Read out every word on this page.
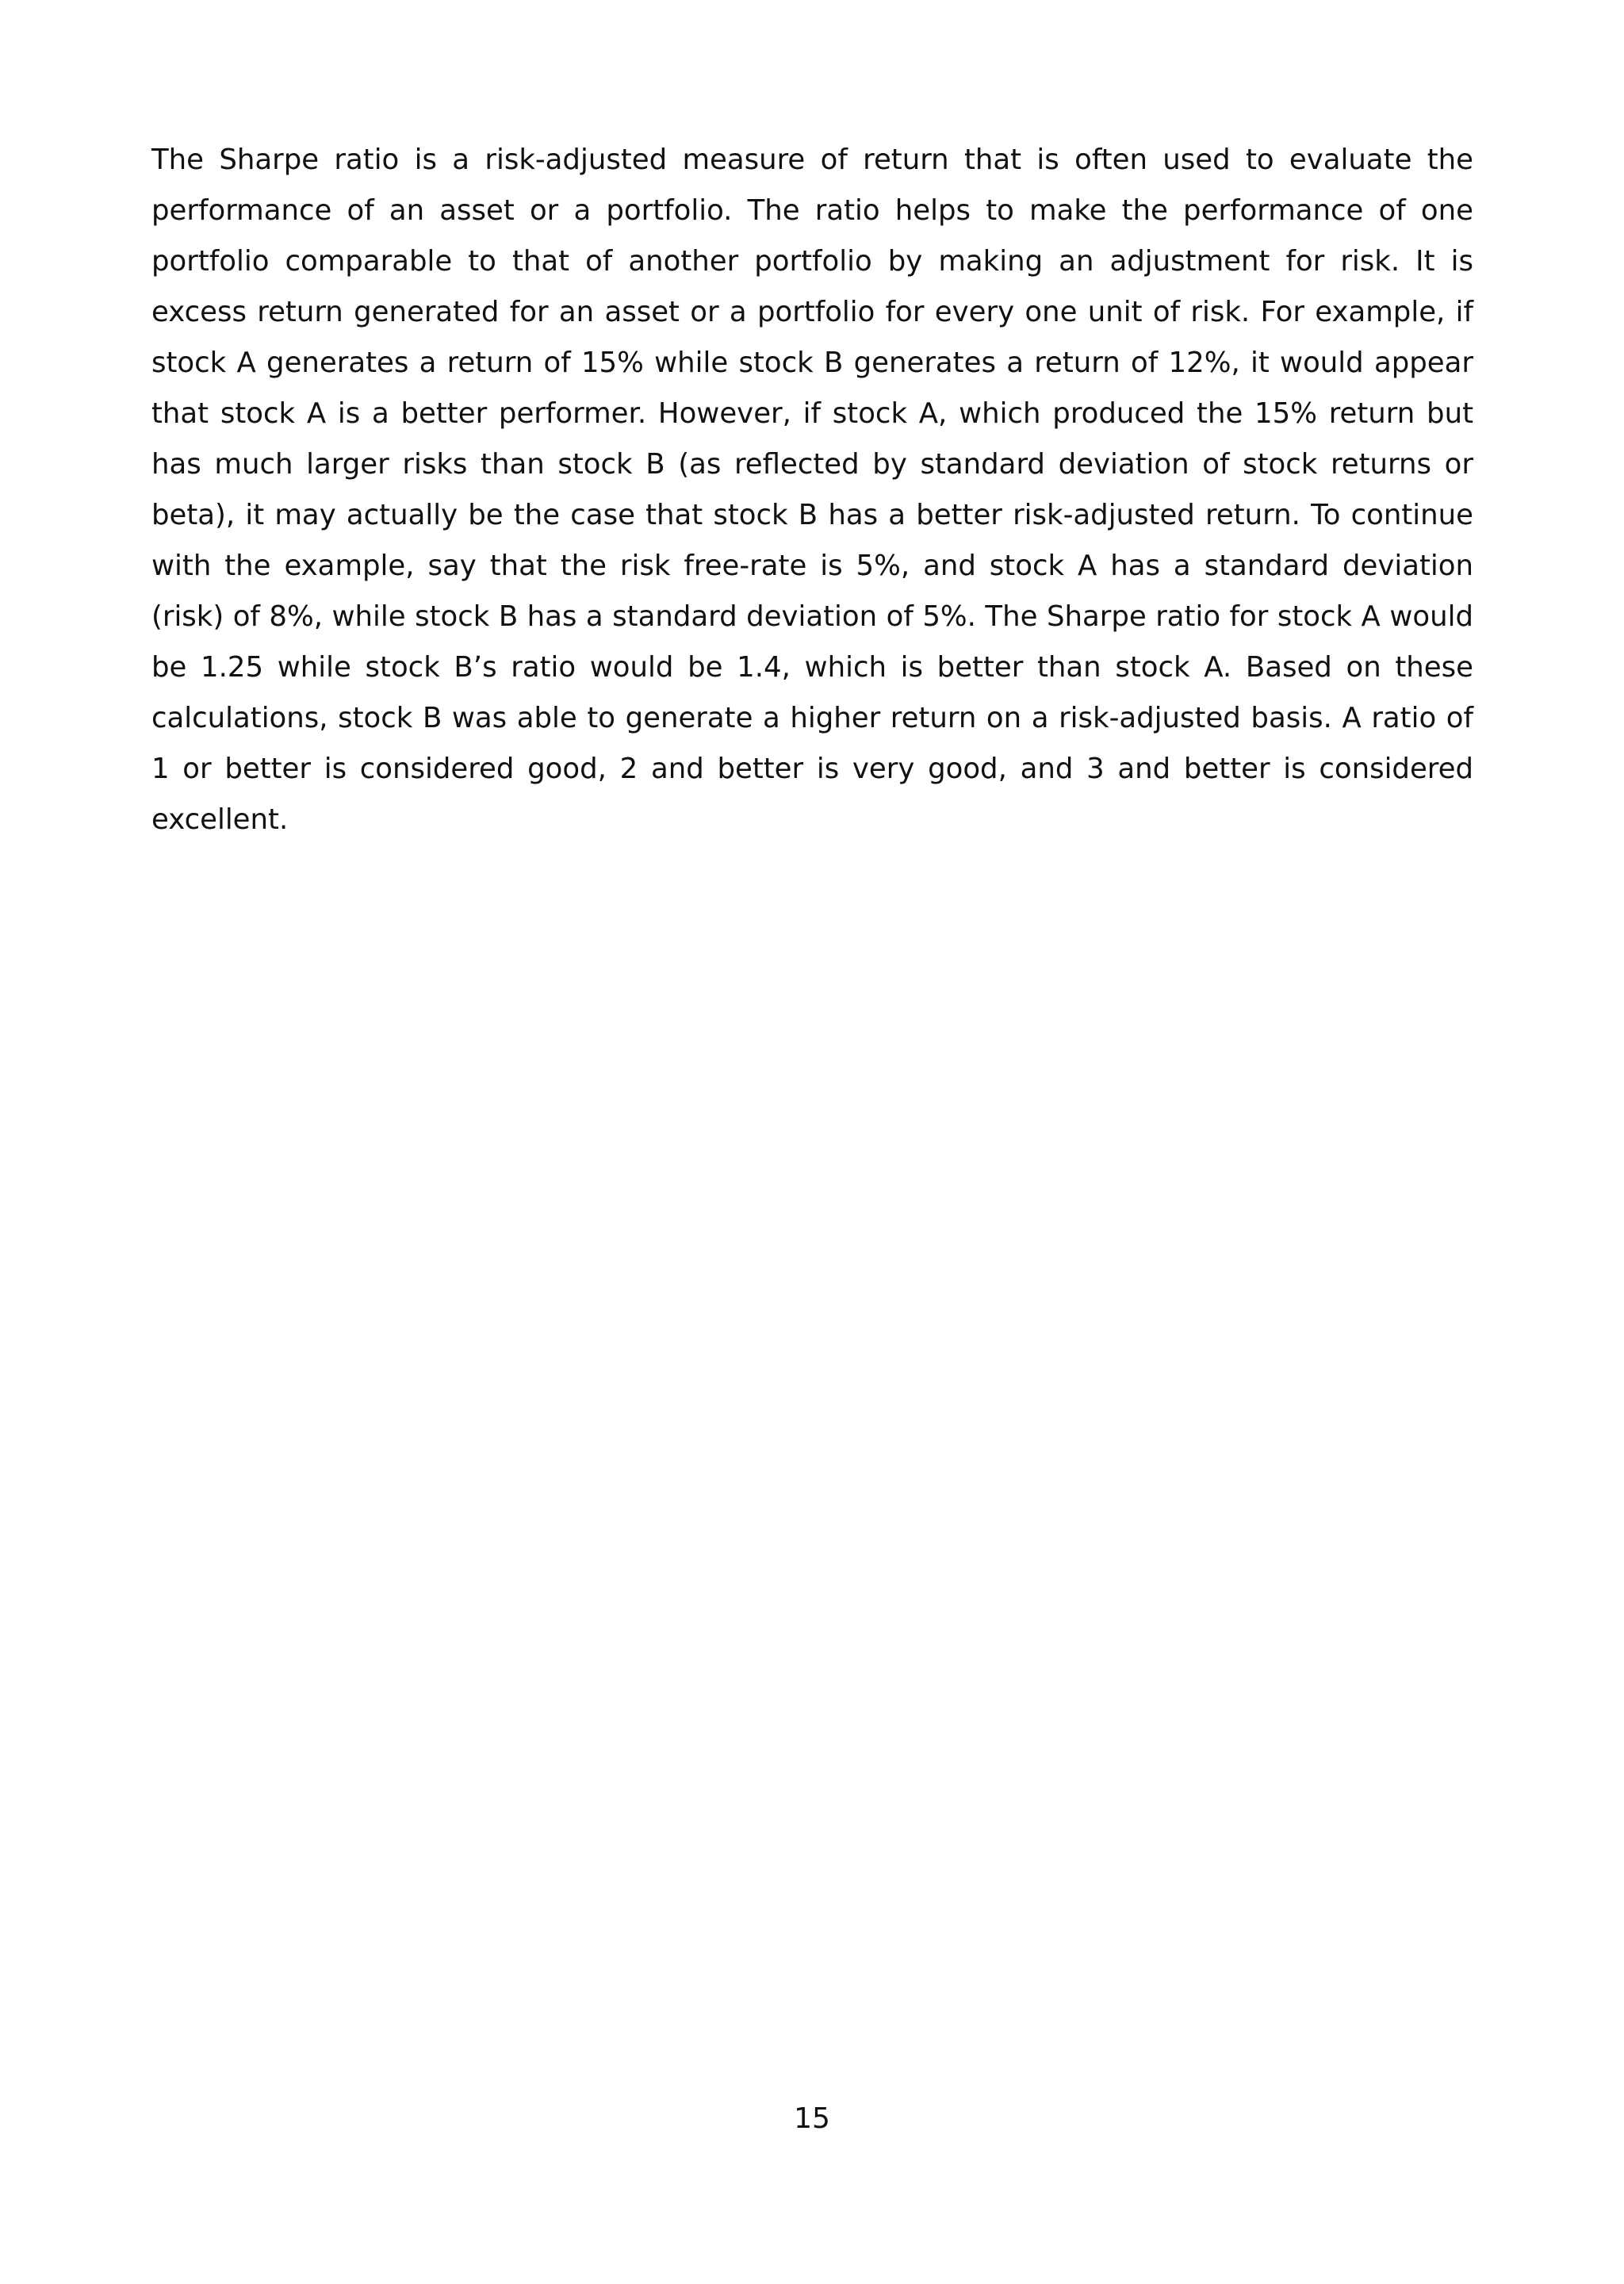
The Sharpe ratio is a risk-adjusted measure of return that is often used to evaluate the performance of an asset or a portfolio. The ratio helps to make the performance of one portfolio comparable to that of another portfolio by making an adjustment for risk. It is excess return generated for an asset or a portfolio for every one unit of risk. For example, if stock A generates a return of 15% while stock B generates a return of 12%, it would appear that stock A is a better performer. However, if stock A, which produced the 15% return but has much larger risks than stock B (as reflected by standard deviation of stock returns or beta), it may actually be the case that stock B has a better risk-adjusted return. To continue with the example, say that the risk free-rate is 5%, and stock A has a standard deviation (risk) of 8%, while stock B has a standard deviation of 5%. The Sharpe ratio for stock A would be 1.25 while stock B’s ratio would be 1.4, which is better than stock A. Based on these calculations, stock B was able to generate a higher return on a risk-adjusted basis. A ratio of 1 or better is considered good, 2 and better is very good, and 3 and better is considered excellent.

15
